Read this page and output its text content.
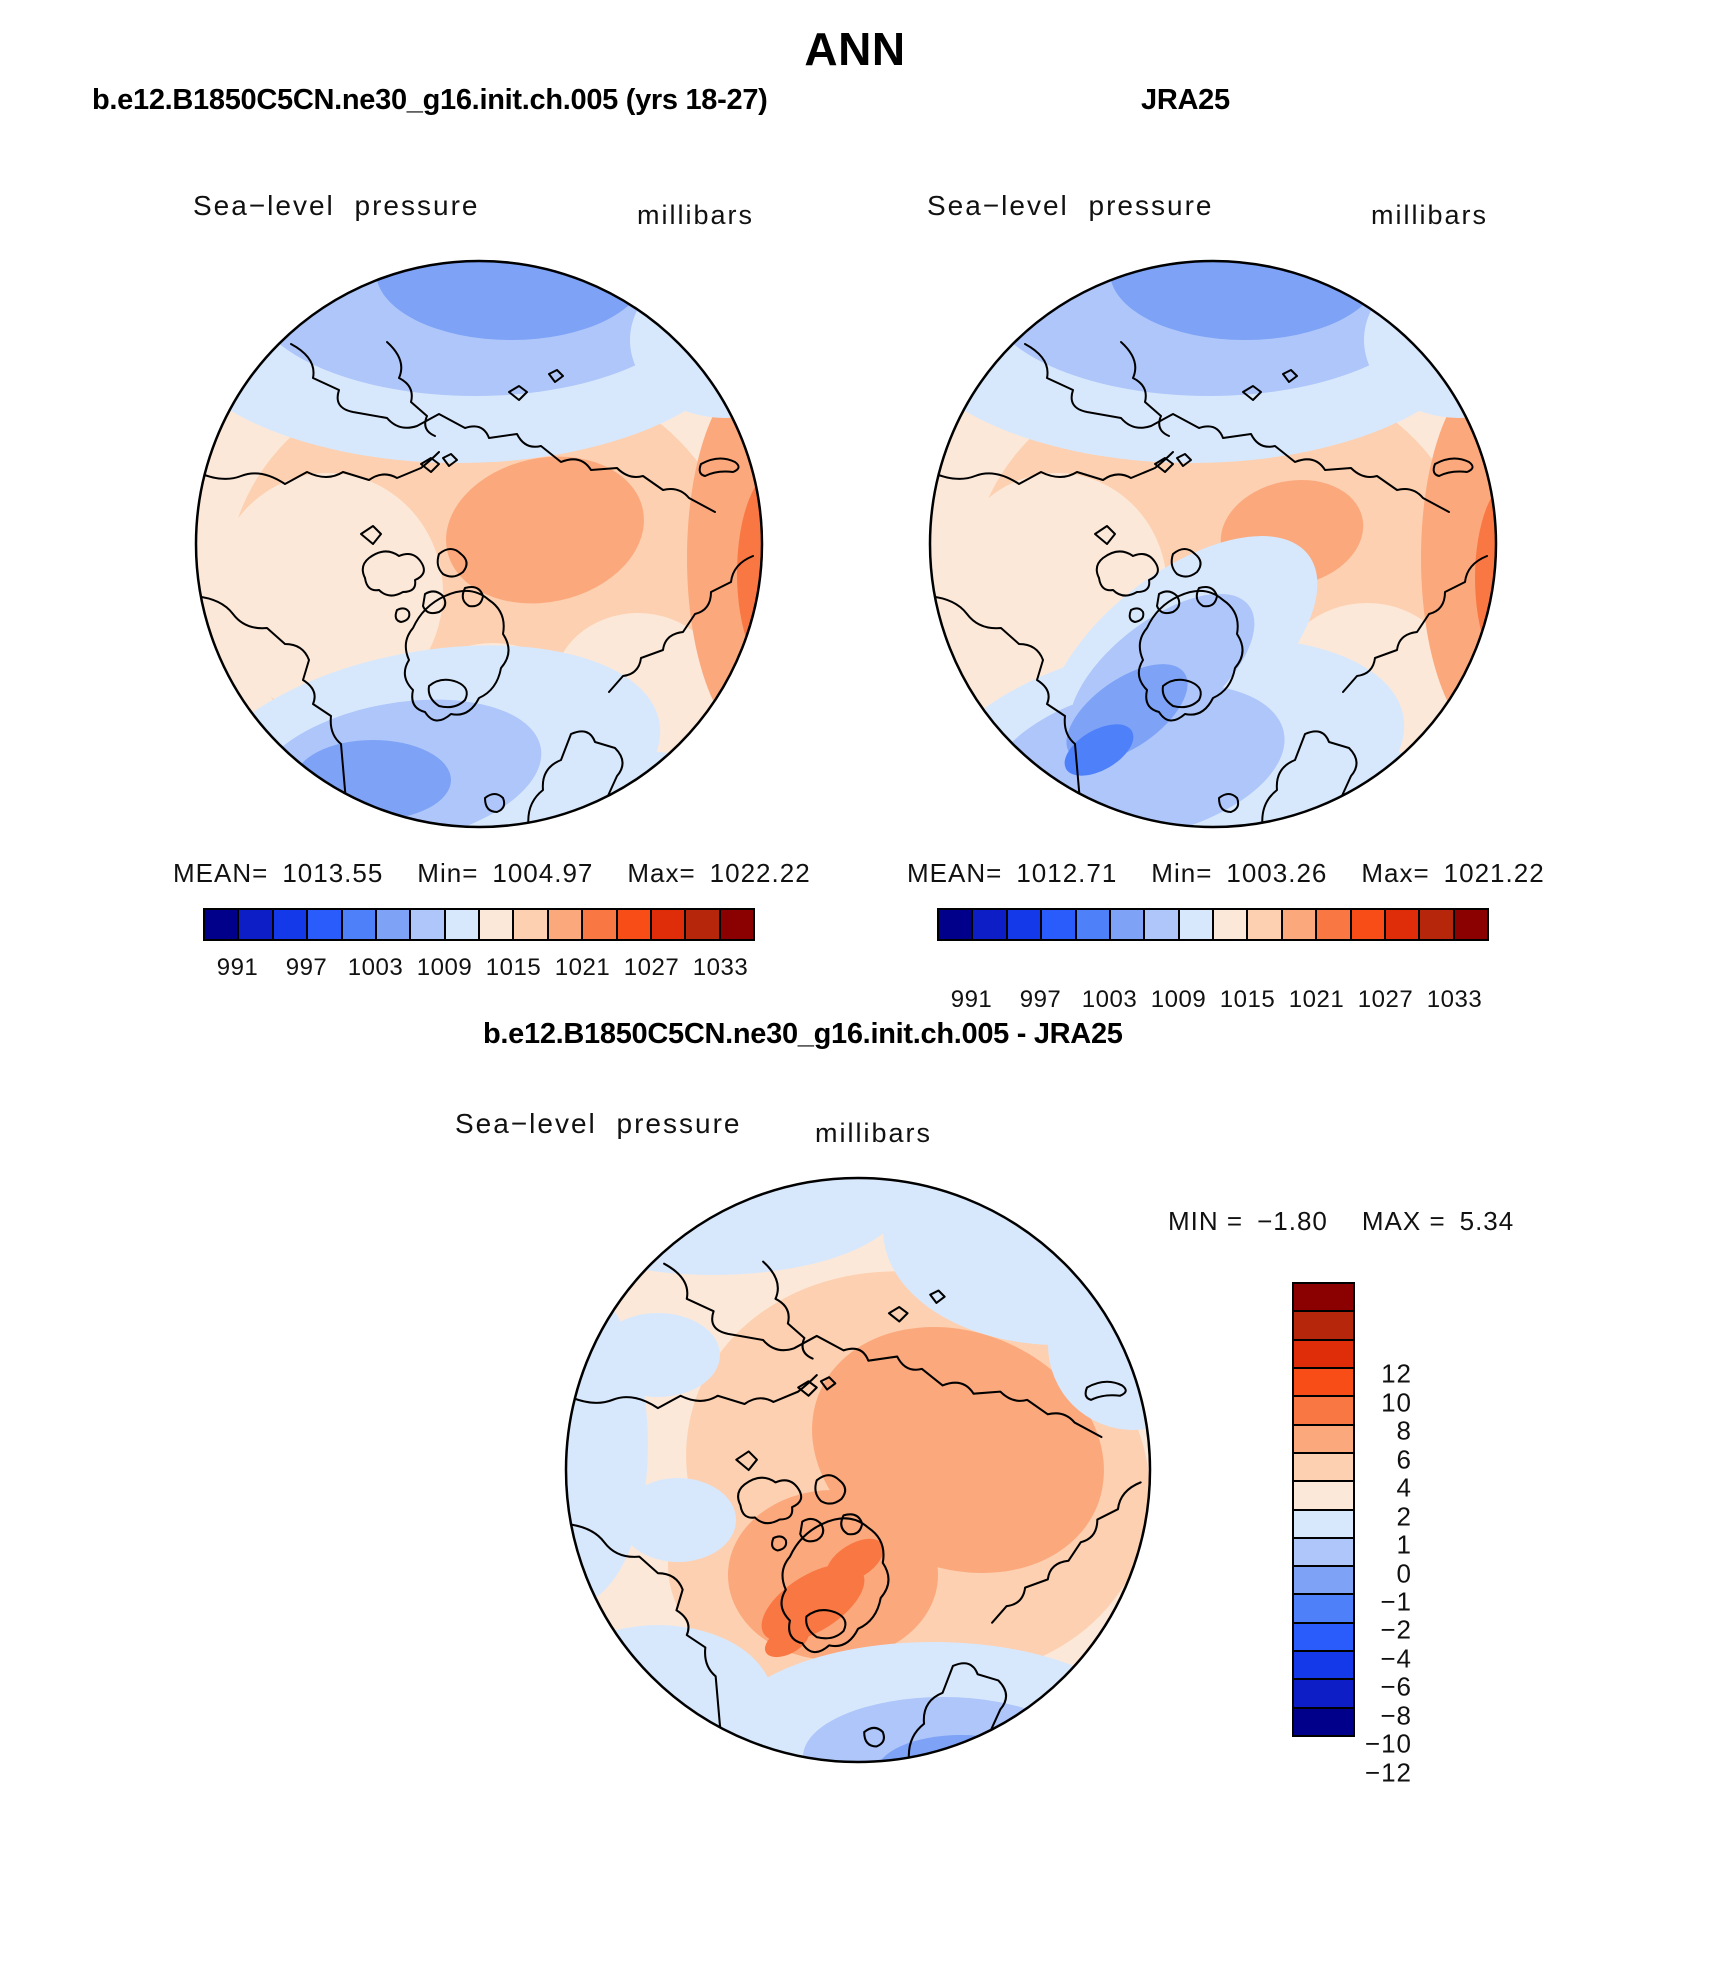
ANN
b.e12.B1850C5CN.ne30_g16.init.ch.005 (yrs 18-27)	JRA25
Sea−level pressure	millibars	Sea−level pressure	millibars
MEAN= 1013.55 Min= 1004.97 Max= 1022.22	MEAN= 1012.71 Min= 1003.26 Max= 1021.22
991 997 1003 1009 1015 1021 1027 1033
991 997 1003 1009 1015 1021 1027 1033
b.e12.B1850C5CN.ne30_g16.init.ch.005 - JRA25
Sea−level pressure	millibars
MIN = −1.80 MAX = 5.34
12
10
8
6
4
2
1
0
−1
−2
−4
−6
−8
−10
−12
